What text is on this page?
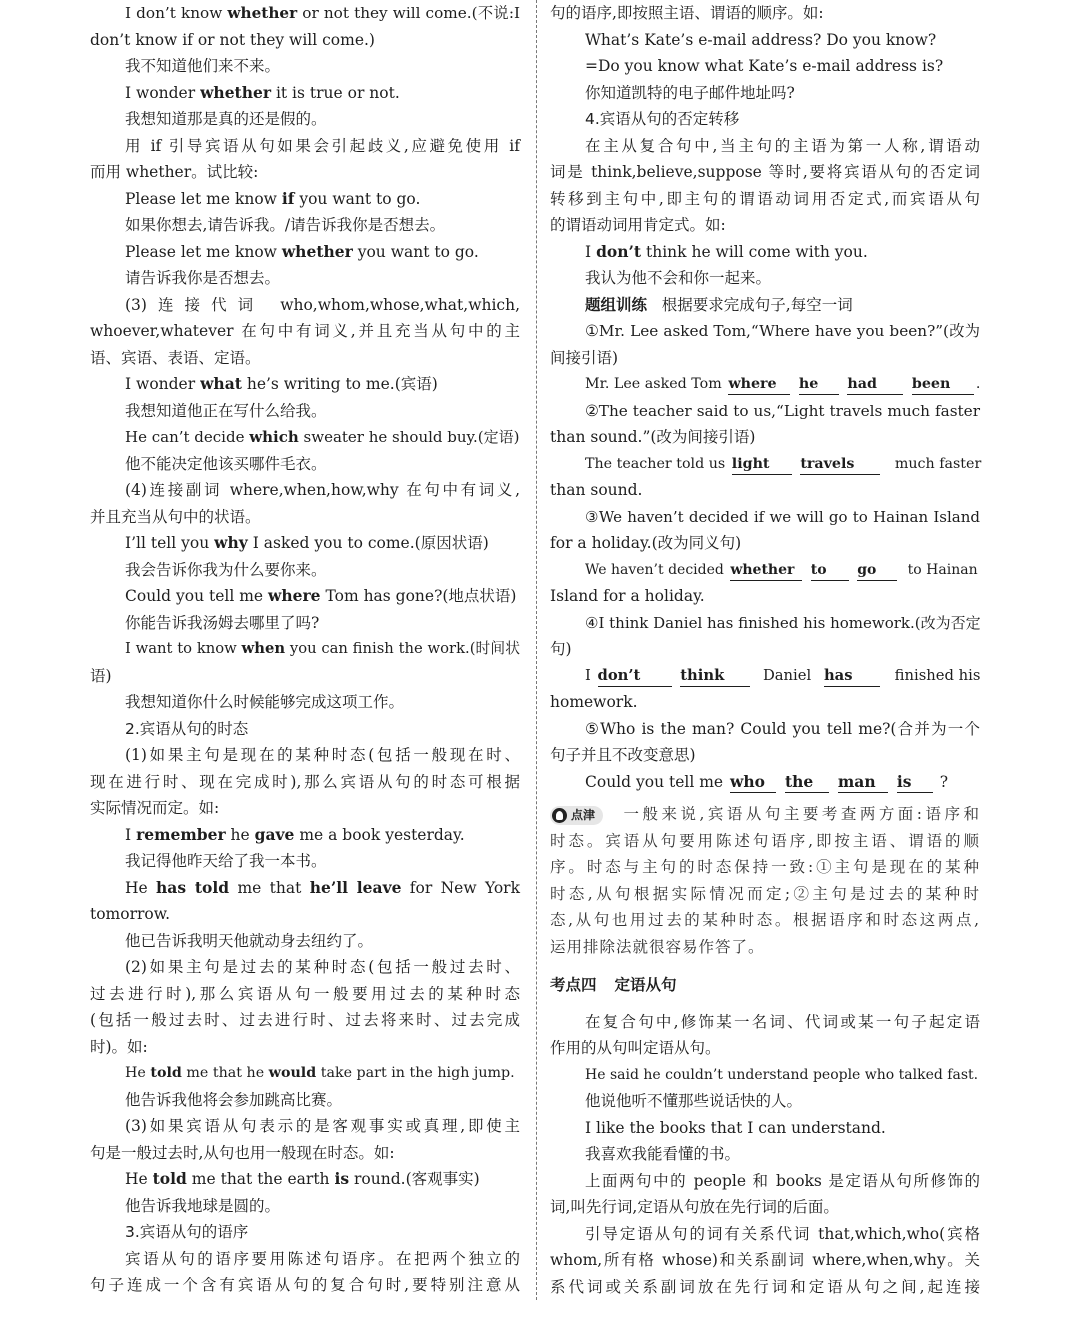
I don’t know whether or not they will come.(不说:I
don’t know if or not they will come.)
我不知道他们来不来。
I wonder whether it is true or not.
我想知道那是真的还是假的。
用 if 引导宾语从句如果会引起歧义,应避免使用 if
而用 whether。试比较:
Please let me know if you want to go.
如果你想去,请告诉我。/请告诉我你是否想去。
Please let me know whether you want to go.
请告诉我你是否想去。
(3)连接代词 who,whom,whose,what,which,
whoever,whatever 在句中有词义,并且充当从句中的主
语、宾语、表语、定语。
I wonder what he’s writing to me.(宾语)
我想知道他正在写什么给我。
He can’t decide which sweater he should buy.(定语)
他不能决定他该买哪件毛衣。
(4)连接副词 where,when,how,why 在句中有词义,
并且充当从句中的状语。
I’ll tell you why I asked you to come.(原因状语)
我会告诉你我为什么要你来。
Could you tell me where Tom has gone?(地点状语)
你能告诉我汤姆去哪里了吗?
I want to know when you can finish the work.(时间状
语)
我想知道你什么时候能够完成这项工作。
2.宾语从句的时态
(1)如果主句是现在的某种时态(包括一般现在时、
现在进行时、现在完成时),那么宾语从句的时态可根据
实际情况而定。如:
I remember he gave me a book yesterday.
我记得他昨天给了我一本书。
He has told me that he’ll leave for New York
tomorrow.
他已告诉我明天他就动身去纽约了。
(2)如果主句是过去的某种时态(包括一般过去时、
过去进行时),那么宾语从句一般要用过去的某种时态
(包括一般过去时、过去进行时、过去将来时、过去完成
时)。如:
He told me that he would take part in the high jump.
他告诉我他将会参加跳高比赛。
(3)如果宾语从句表示的是客观事实或真理,即使主
句是一般过去时,从句也用一般现在时态。如:
He told me that the earth is round.(客观事实)
他告诉我地球是圆的。
3.宾语从句的语序
宾语从句的语序要用陈述句语序。在把两个独立的
句子连成一个含有宾语从句的复合句时,要特别注意从
句的语序,即按照主语、谓语的顺序。如:
What’s Kate’s e-mail address? Do you know?
=Do you know what Kate’s e-mail address is?
你知道凯特的电子邮件地址吗?
4.宾语从句的否定转移
在主从复合句中,当主句的主语为第一人称,谓语动
词是 think,believe,suppose 等时,要将宾语从句的否定词
转移到主句中,即主句的谓语动词用否定式,而宾语从句
的谓语动词用肯定式。如:
I don’t think he will come with you.
我认为他不会和你一起来。
题组训练 根据要求完成句子,每空一词
①Mr. Lee asked Tom,“Where have you been?”(改为
间接引语)
Mr. Lee asked Tom where he had been .
②The teacher said to us,“Light travels much faster
than sound.”(改为间接引语)
The teacher told us light travels	much faster
than sound.
③We haven’t decided if we will go to Hainan Island
for a holiday.(改为同义句)
We haven’t decided whether to go to Hainan
Island for a holiday.
④I think Daniel has finished his homework.(改为否定
句)
I don’t	think	Daniel has	finished his
homework.
⑤Who is the man? Could you tell me?(合并为一个
句子并且不改变意思)
Could you tell me who the man is ?
点津 一般来说,宾语从句主要考查两方面:语序和
时态。宾语从句要用陈述句语序,即按主语、谓语的顺
序。时态与主句的时态保持一致:①主句是现在的某种
时态,从句根据实际情况而定;②主句是过去的某种时
态,从句也用过去的某种时态。根据语序和时态这两点,
运用排除法就很容易作答了。
考点四 定语从句
在复合句中,修饰某一名词、代词或某一句子起定语
作用的从句叫定语从句。
He said he couldn’t understand people who talked fast.
他说他听不懂那些说话快的人。
I like the books that I can understand.
我喜欢我能看懂的书。
上面两句中的 people 和 books 是定语从句所修饰的
词,叫先行词,定语从句放在先行词的后面。
引导定语从句的词有关系代词 that,which,who(宾格
whom,所有格 whose)和关系副词 where,when,why。关
系代词或关系副词放在先行词和定语从句之间,起连接
